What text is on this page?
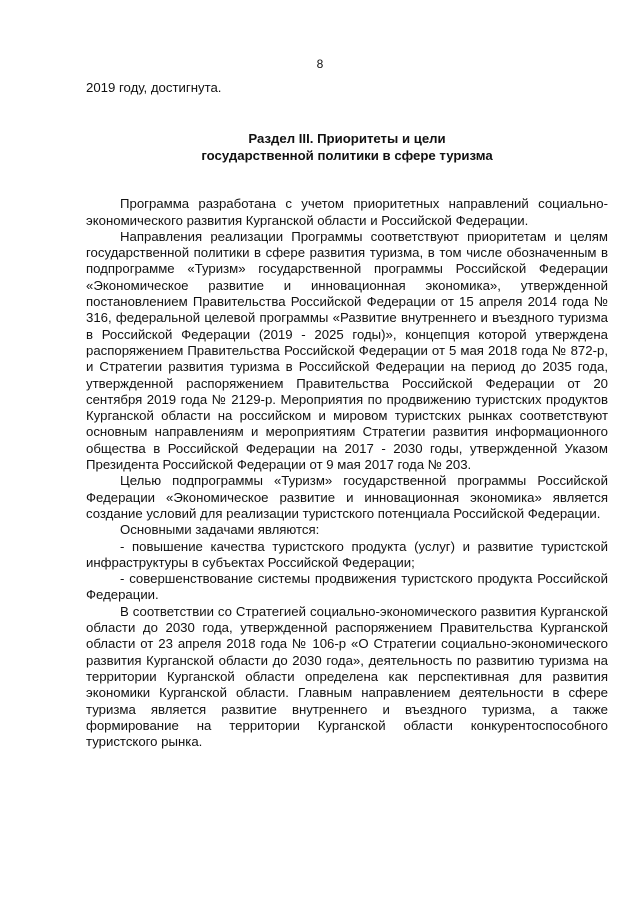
8

2019 году, достигнута.

Раздел III. Приоритеты и цели
государственной политики в сфере туризма

Программа разработана с учетом приоритетных направлений социально-экономического развития Курганской области и Российской Федерации.

Направления реализации Программы соответствуют приоритетам и целям государственной политики в сфере развития туризма, в том числе обозначенным в подпрограмме «Туризм» государственной программы Российской Федерации «Экономическое развитие и инновационная экономика», утвержденной постановлением Правительства Российской Федерации от 15 апреля 2014 года № 316, федеральной целевой программы «Развитие внутреннего и въездного туризма в Российской Федерации (2019 - 2025 годы)», концепция которой утверждена распоряжением Правительства Российской Федерации от 5 мая 2018 года № 872-р, и Стратегии развития туризма в Российской Федерации на период до 2035 года, утвержденной распоряжением Правительства Российской Федерации от 20 сентября 2019 года № 2129-р. Мероприятия по продвижению туристских продуктов Курганской области на российском и мировом туристских рынках соответствуют основным направлениям и мероприятиям Стратегии развития информационного общества в Российской Федерации на 2017 - 2030 годы, утвержденной Указом Президента Российской Федерации от 9 мая 2017 года № 203.

Целью подпрограммы «Туризм» государственной программы Российской Федерации «Экономическое развитие и инновационная экономика» является создание условий для реализации туристского потенциала Российской Федерации.

Основными задачами являются:

- повышение качества туристского продукта (услуг) и развитие туристской инфраструктуры в субъектах Российской Федерации;

- совершенствование системы продвижения туристского продукта Российской Федерации.

В соответствии со Стратегией социально-экономического развития Курганской области до 2030 года, утвержденной распоряжением Правительства Курганской области от 23 апреля 2018 года № 106-р «О Стратегии социально-экономического развития Курганской области до 2030 года», деятельность по развитию туризма на территории Курганской области определена как перспективная для развития экономики Курганской области. Главным направлением деятельности в сфере туризма является развитие внутреннего и въездного туризма, а также формирование на территории Курганской области конкурентоспособного туристского рынка.
